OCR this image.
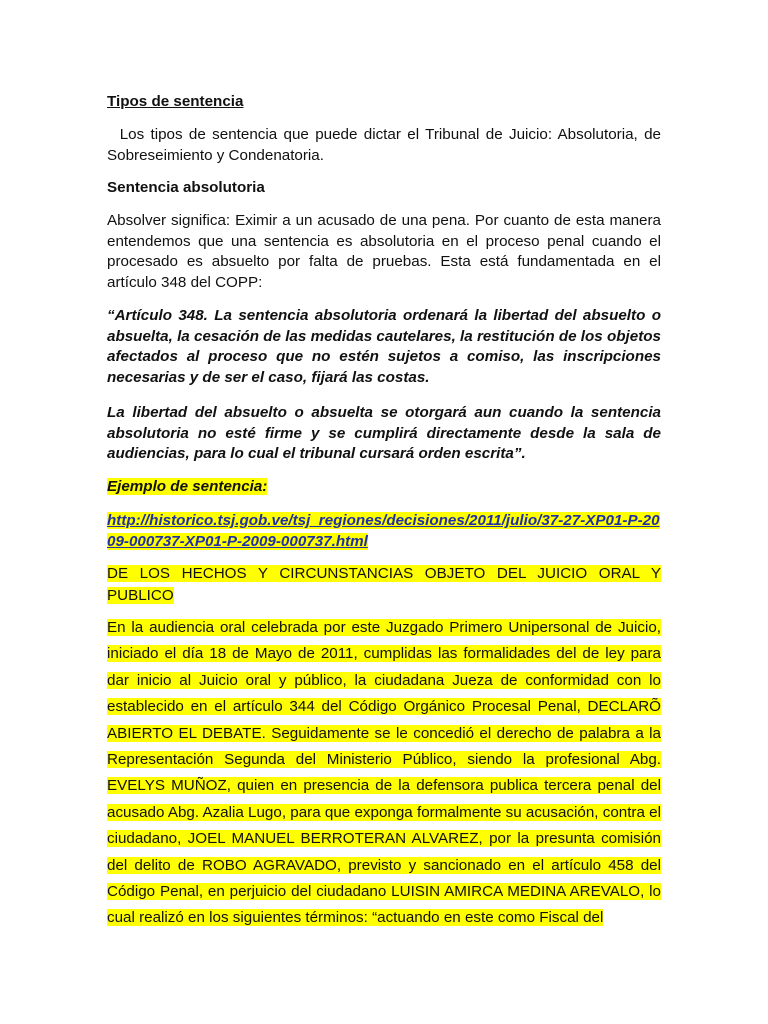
Tipos de sentencia
Los tipos de sentencia que puede dictar el Tribunal de Juicio: Absolutoria, de Sobreseimiento y Condenatoria.
Sentencia absolutoria
Absolver significa: Eximir a un acusado de una pena. Por cuanto de esta manera entendemos que una sentencia es absolutoria en el proceso penal cuando el procesado es absuelto por falta de pruebas. Esta está fundamentada en el artículo 348 del COPP:
“Artículo 348. La sentencia absolutoria ordenará la libertad del absuelto o absuelta, la cesación de las medidas cautelares, la restitución de los objetos afectados al proceso que no estén sujetos a comiso, las inscripciones necesarias y de ser el caso, fijará las costas.
La libertad del absuelto o absuelta se otorgará aun cuando la sentencia absolutoria no esté firme y se cumplirá directamente desde la sala de audiencias, para lo cual el tribunal cursará orden escrita”.
Ejemplo de sentencia:
http://historico.tsj.gob.ve/tsj_regiones/decisiones/2011/julio/37-27-XP01-P-2009-000737-XP01-P-2009-000737.html
DE LOS HECHOS Y CIRCUNSTANCIAS OBJETO DEL JUICIO ORAL Y PUBLICO
En la audiencia oral celebrada por este Juzgado Primero Unipersonal de Juicio, iniciado el día 18 de Mayo de 2011, cumplidas las formalidades del de ley para dar inicio al Juicio oral y público, la ciudadana Jueza de conformidad con lo establecido en el artículo 344 del Código Orgánico Procesal Penal, DECLARÕ ABIERTO EL DEBATE. Seguidamente se le concedió el derecho de palabra a la Representación Segunda del Ministerio Público, siendo la profesional Abg. EVELYS MUÑOZ, quien en presencia de la defensora publica tercera penal del acusado Abg. Azalia Lugo, para que exponga formalmente su acusación, contra el ciudadano, JOEL MANUEL BERROTERAN ALVAREZ, por la presunta comisión del delito de ROBO AGRAVADO, previsto y sancionado en el artículo 458 del Código Penal, en perjuicio del ciudadano LUISIN AMIRCA MEDINA AREVALO, lo cual realizó en los siguientes términos: “actuando en este como Fiscal del
